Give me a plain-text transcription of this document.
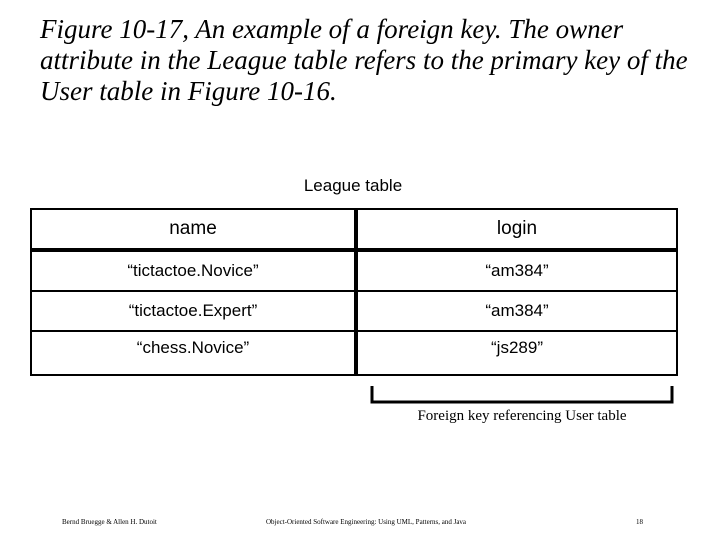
Figure 10-17, An example of a foreign key. The owner attribute in the League table refers to the primary key of the User table in Figure 10-16.

League table
name	login
“tictactoe.Novice”	“am384”
“tictactoe.Expert”	“am384”
“chess.Novice”	“js289”
Foreign key referencing User table
Bernd Bruegge & Allen H. Dutoit	Object-Oriented Software Engineering: Using UML, Patterns, and Java	18
